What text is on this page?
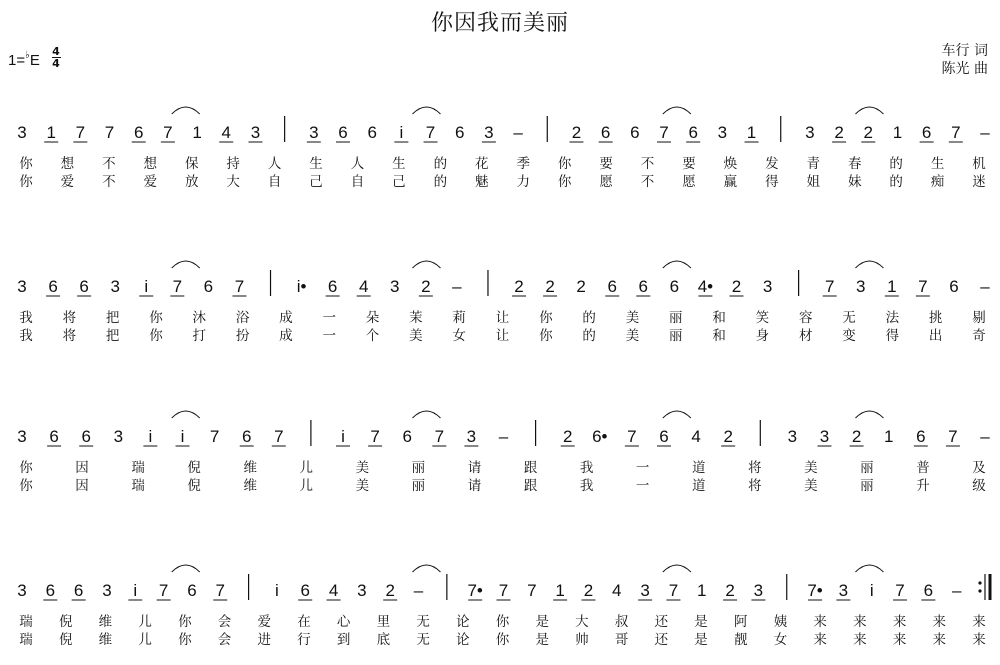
你因我而美丽
1=♭E
4
4
车行 词
陈光 曲
3 1 7 7 6 7 1 4 3	3 6 6 i 7 6 3 –	2 6 6 7 6 3 1	3 2 2 1 6 7 –
你 想 不 想 保 持 人 生 人 生 的 花 季 你 要 不 要 焕 发 青 春 的 生 机
你 爱 不 爱 放 大 自 己 自 己 的 魅 力 你 愿 不 愿 赢 得 姐 妹 的 痴 迷
3 6 6 3 i 7 6 7	i• 6 4 3 2 –	2 2 2 6 6 6 4• 2 3	7 3 1 7 6 –
我 将 把 你 沐 浴 成 一 朵 茉 莉 让 你 的 美 丽 和 笑 容 无 法 挑 剔
我 将 把 你 打 扮 成 一 个 美 女 让 你 的 美 丽 和 身 材 变 得 出 奇
3 6 6 3 i i 7 6 7	i 7 6 7 3 –	2 6• 7 6 4 2	3 3 2 1 6 7 –
你	因	瑞	倪	维	儿	美	丽	请	跟	我	一	道	将	美	丽	普	及
你	因	瑞	倪	维	儿	美	丽	请	跟	我	一	道	将	美	丽	升	级
3 6 6 3 i 7 6 7	i 6 4 3 2 –	7• 7 7 1 2 4 3 7 1 2 3	7• 3 i 7 6 –
瑞 倪 维 儿 你 会 爱 在 心 里 无 论 你 是 大 叔 还 是 阿 姨 来 来 来 来 来
瑞 倪 维 儿 你 会 进 行 到 底 无 论 你 是 帅 哥 还 是 靓 女 来 来 来 来 来
